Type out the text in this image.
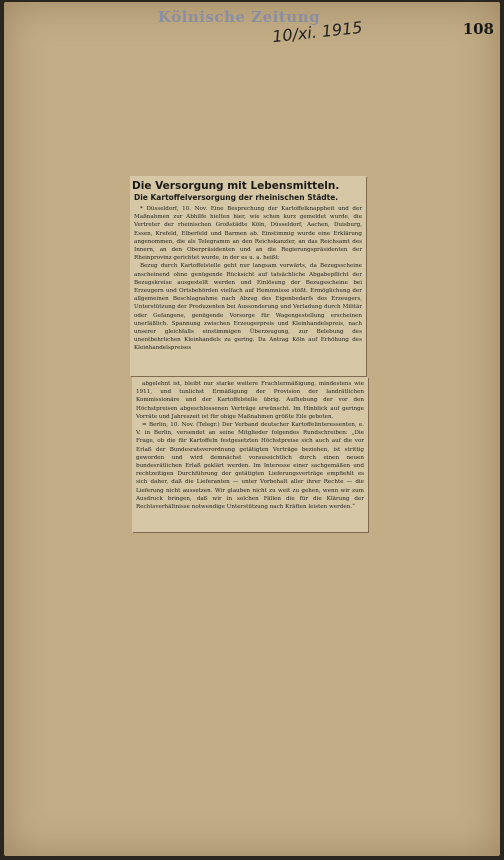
Kölnische Zeitung
10/xi. 1915	108
Die Versorgung mit Lebensmitteln.
Die Kartoffelversorgung der rheinischen Städte.

* Düsseldorf, 10. Nov. Eine Besprechung der Kartoffelknappheit und der Maßnahmen zur Abhilfe hielten hier, wie schon kurz gemeldet wurde, die Vertreter der rheinischen Großstädte Köln, Düsseldorf, Aachen, Duisburg, Essen, Krefeld, Elberfeld und Barmen ab. Einstimmig wurde eine Erklärung angenommen, die als Telegramm an den Reichskanzler, an das Reichsamt des Innern, an den Oberpräsidenten und an die Regierungspräsidenten der Rheinprovinz gerichtet wurde, in der es u. a. heißt:

Bezug durch Kartoffelstelle geht nur langsam vorwärts, da Bezugsscheine anscheinend ohne genügende Rücksicht auf tatsächliche Abgabepflicht der Bezugskreise ausgestellt werden und Einlösung der Bezugsscheine bei Erzeugern und Ortsbehörden vielfach auf Hemmnisse stößt. Ermöglichung der allgemeinen Beschlagnahme nach Abzug des Eigenbedarfs des Erzeugers, Unterstützung der Produzenten bei Aussonderung und Verladung durch Militär oder Gefangene, genügende Vorsorge für Wagengestellung erscheinen unerläßlich. Spannung zwischen Erzeugerpreis und Kleinhandelspreis, nach unserer gleichfalls einstimmigen Überzeugung, zur Belebung des unentbehrlichen Kleinhandels zu gering. Da Antrag Köln auf Erhöhung des Kleinhandelspreises

abgelehnt ist, bleibt nur starke weitere Frachtermäßigung, mindestens wie 1911, und tunlichst Ermäßigung der Provision der landrätlichen Kommissionäre und der Kartoffelstelle übrig. Aufhebung der vor den Höchstpreisen abgeschlossenen Verträge erwünscht. Im Hinblick auf geringe Vorräte und Jahreszeit ist für obige Maßnahmen größte Eile geboten.

= Berlin, 10. Nov. (Telegr.) Der Verband deutscher Kartoffelinteressenten, e. V. in Berlin, versendet an seine Mitglieder folgendes Rundschreiben: „Die Frage, ob die für Kartoffeln festgesetzten Höchstpreise sich auch auf die vor Erlaß der Bundesratsverordnung getätigten Verträge beziehen, ist strittig geworden und wird demnächst voraussichtlich durch einen neuen bundesrätlichen Erlaß geklärt werden. Im Interesse einer sachgemäßen und rechtzeitigen Durchführung der getätigten Lieferungsverträge empfiehlt es sich daher, daß die Lieferanten — unter Vorbehalt aller ihrer Rechte — die Lieferung nicht aussetzen. Wir glauben nicht zu weit zu gehen, wenn wir zum Ausdruck bringen, daß wir in solchen Fällen die für die Klärung der Rechtsverhältnisse notwendige Unterstützung nach Kräften leisten werden.“
